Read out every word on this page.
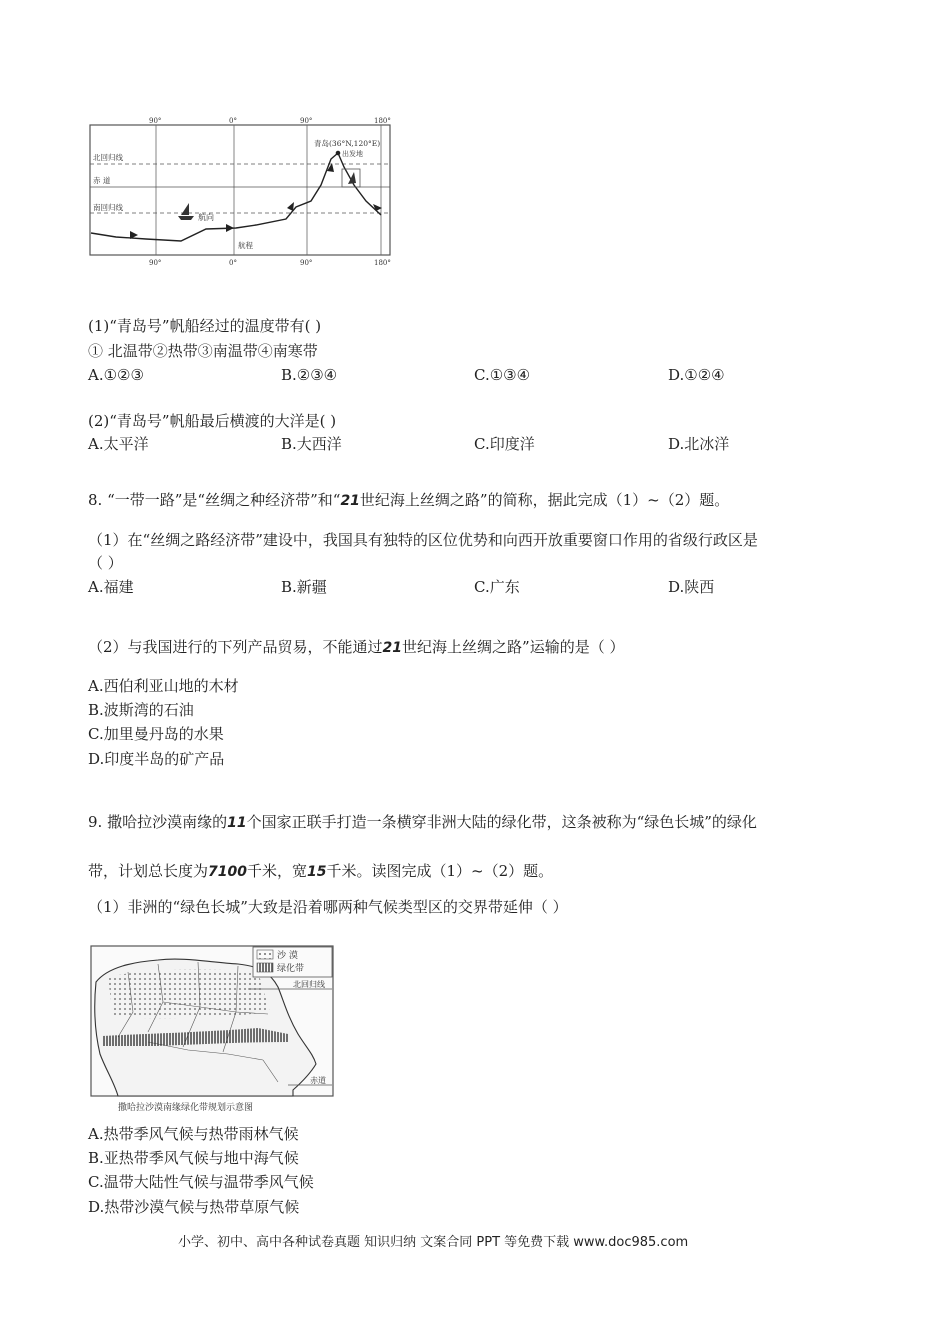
90°	0°	90°	180°
90°	0°	90°	180°
北回归线
赤 道
南回归线
青岛(36°N,120°E)
出发地
航向
航程
(1)“青岛号”帆船经过的温度带有( )
① 北温带②热带③南温带④南寒带
A.①②③	B.②③④	C.①③④	D.①②④
(2)“青岛号”帆船最后横渡的大洋是( )
A.太平洋	B.大西洋	C.印度洋	D.北冰洋
8. “一带一路”是“丝绸之种经济带”和“21世纪海上丝绸之路”的简称，据此完成（1）~（2）题。
（1）在“丝绸之路经济带”建设中，我国具有独特的区位优势和向西开放重要窗口作用的省级行政区是
（ ）
A.福建	B.新疆	C.广东	D.陕西
（2）与我国进行的下列产品贸易，不能通过21世纪海上丝绸之路”运输的是（ ）
A.西伯利亚山地的木材
B.波斯湾的石油
C.加里曼丹岛的水果
D.印度半岛的矿产品
9. 撒哈拉沙漠南缘的11个国家正联手打造一条横穿非洲大陆的绿化带，这条被称为“绿色长城”的绿化
带，计划总长度为7100千米，宽15千米。读图完成（1）~（2）题。
（1）非洲的“绿色长城”大致是沿着哪两种气候类型区的交界带延伸（ ）
沙 漠
绿化带
北回归线
赤道
撒哈拉沙漠南缘绿化带规划示意图
A.热带季风气候与热带雨林气候
B.亚热带季风气候与地中海气候
C.温带大陆性气候与温带季风气候
D.热带沙漠气候与热带草原气候
小学、初中、高中各种试卷真题 知识归纳 文案合同 PPT 等免费下载 www.doc985.com
